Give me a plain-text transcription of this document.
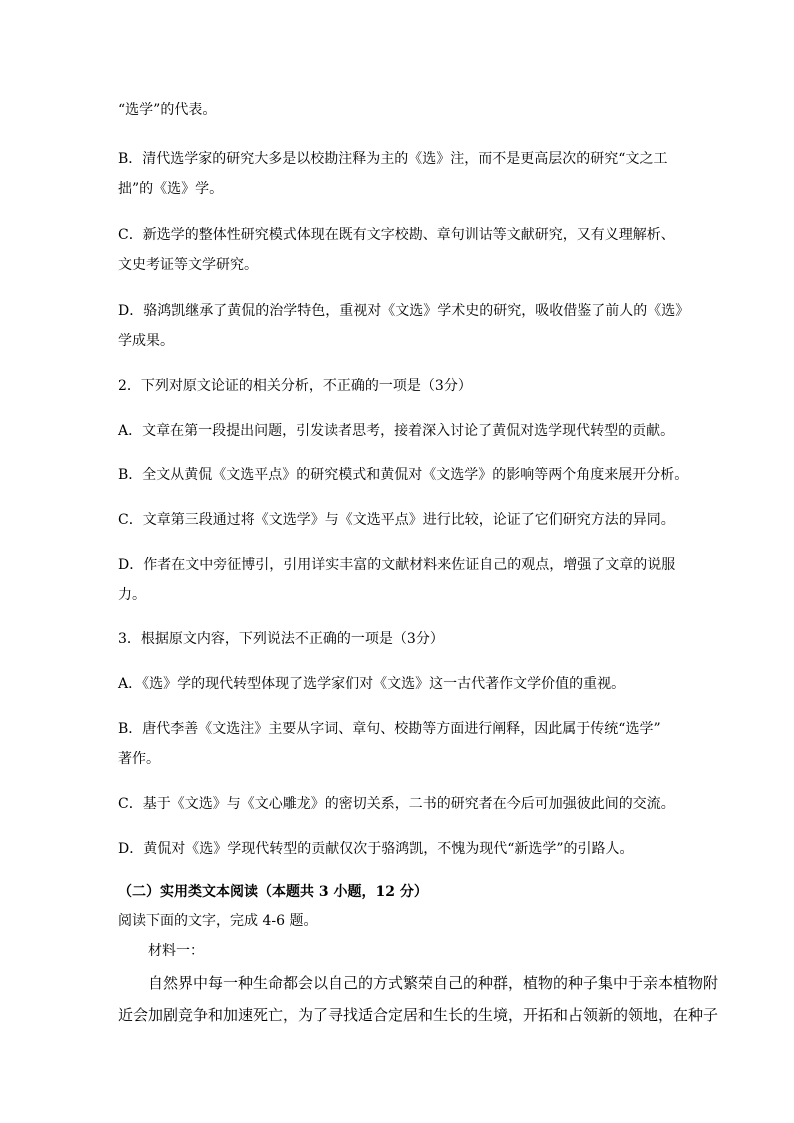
“选学”的代表。
B．清代选学家的研究大多是以校勘注释为主的《选》注，而不是更高层次的研究“文之工
拙”的《选》学。
C．新选学的整体性研究模式体现在既有文字校勘、章句训诂等文献研究，又有义理解析、
文史考证等文学研究。
D．骆鸿凯继承了黄侃的治学特色，重视对《文选》学术史的研究，吸收借鉴了前人的《选》
学成果。
2．下列对原文论证的相关分析，不正确的一项是（3分）
A．文章在第一段提出问题，引发读者思考，接着深入讨论了黄侃对选学现代转型的贡献。
B．全文从黄侃《文选平点》的研究模式和黄侃对《文选学》的影响等两个角度来展开分析。
C．文章第三段通过将《文选学》与《文选平点》进行比较，论证了它们研究方法的异同。
D．作者在文中旁征博引，引用详实丰富的文献材料来佐证自己的观点，增强了文章的说服
力。
3．根据原文内容，下列说法不正确的一项是（3分）
A．《选》学的现代转型体现了选学家们对《文选》这一古代著作文学价值的重视。
B．唐代李善《文选注》主要从字词、章句、校勘等方面进行阐释，因此属于传统“选学”
著作。
C．基于《文选》与《文心雕龙》的密切关系，二书的研究者在今后可加强彼此间的交流。
D．黄侃对《选》学现代转型的贡献仅次于骆鸿凯，不愧为现代“新选学”的引路人。
（二）实用类文本阅读（本题共 3 小题，12 分）
阅读下面的文字，完成 4-6 题。
材料一：
自然界中每一种生命都会以自己的方式繁荣自己的种群，植物的种子集中于亲本植物附
近会加剧竞争和加速死亡，为了寻找适合定居和生长的生境，开拓和占领新的领地，在种子
